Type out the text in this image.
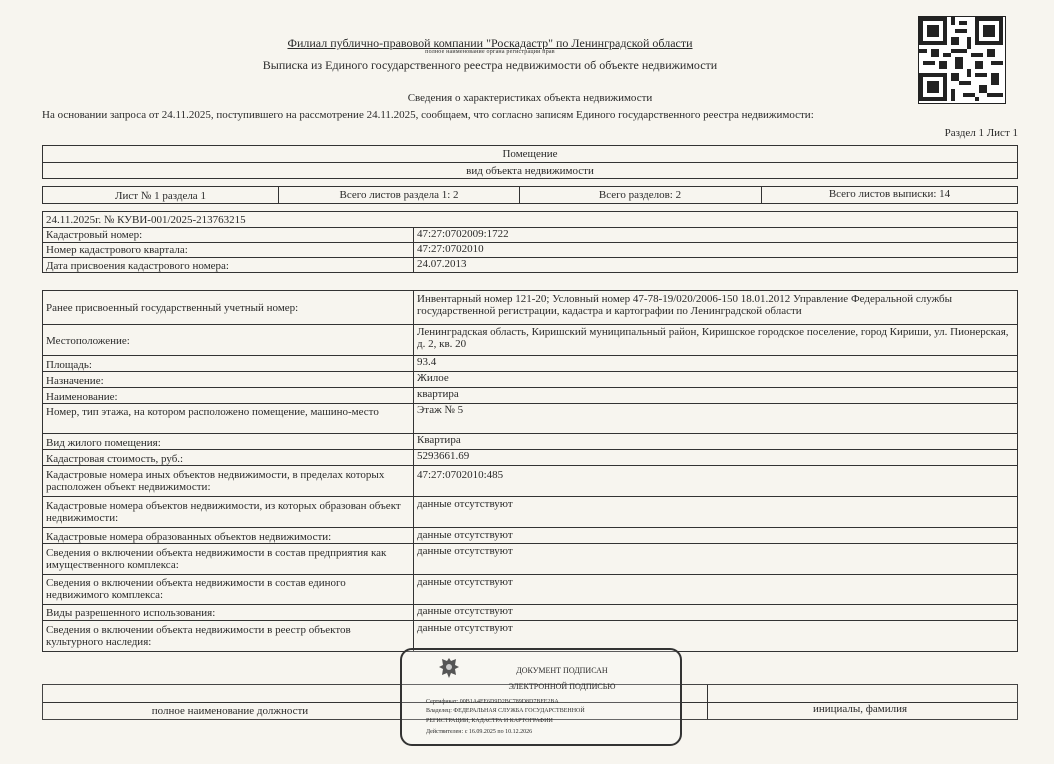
Филиал публично-правовой компании "Роскадастр" по Ленинградской области
полное наименование органа регистрации прав
Выписка из Единого государственного реестра недвижимости об объекте недвижимости
Сведения о характеристиках объекта недвижимости
На основании запроса от 24.11.2025, поступившего на рассмотрение 24.11.2025, сообщаем, что согласно записям Единого государственного реестра недвижимости:
Раздел 1 Лист 1
Помещение
вид объекта недвижимости
Лист № 1 раздела 1	Всего листов раздела 1: 2	Всего разделов: 2	Всего листов выписки: 14
24.11.2025г. № КУВИ-001/2025-213763215
Кадастровый номер:	47:27:0702009:1722
Номер кадастрового квартала:	47:27:0702010
Дата присвоения кадастрового номера:	24.07.2013
Ранее присвоенный государственный учетный номер:
Инвентарный номер 121-20; Условный номер 47-78-19/020/2006-150 18.01.2012 Управление Федеральной службы государственной регистрации, кадастра и картографии по Ленинградской области
Местоположение:
Ленинградская область, Киришский муниципальный район, Киришское городское поселение, город Кириши, ул. Пионерская, д. 2, кв. 20
Площадь:	93.4
Назначение:	Жилое
Наименование:	квартира
Номер, тип этажа, на котором расположено помещение, машино-место	Этаж № 5
Вид жилого помещения:	Квартира
Кадастровая стоимость, руб.:	5293661.69
Кадастровые номера иных объектов недвижимости, в пределах которых расположен объект недвижимости:
47:27:0702010:485
Кадастровые номера объектов недвижимости, из которых образован объект недвижимости:
данные отсутствуют
Кадастровые номера образованных объектов недвижимости:	данные отсутствуют
Сведения о включении объекта недвижимости в состав предприятия как имущественного комплекса:
данные отсутствуют
Сведения о включении объекта недвижимости в состав единого недвижимого комплекса:
данные отсутствуют
Виды разрешенного использования:	данные отсутствуют
Сведения о включении объекта недвижимости в реестр объектов культурного наследия:
данные отсутствуют
полное наименование должности	инициалы, фамилия
ДОКУМЕНТ ПОДПИСАН
ЭЛЕКТРОННОЙ ПОДПИСЬЮ
Сертификат: 00B1A4FE6D9D2BC789D8D7BFE2BA
Владелец: ФЕДЕРАЛЬНАЯ СЛУЖБА ГОСУДАРСТВЕННОЙ
РЕГИСТРАЦИИ, КАДАСТРА И КАРТОГРАФИИ
Действителен: с 16.09.2025 по 10.12.2026
